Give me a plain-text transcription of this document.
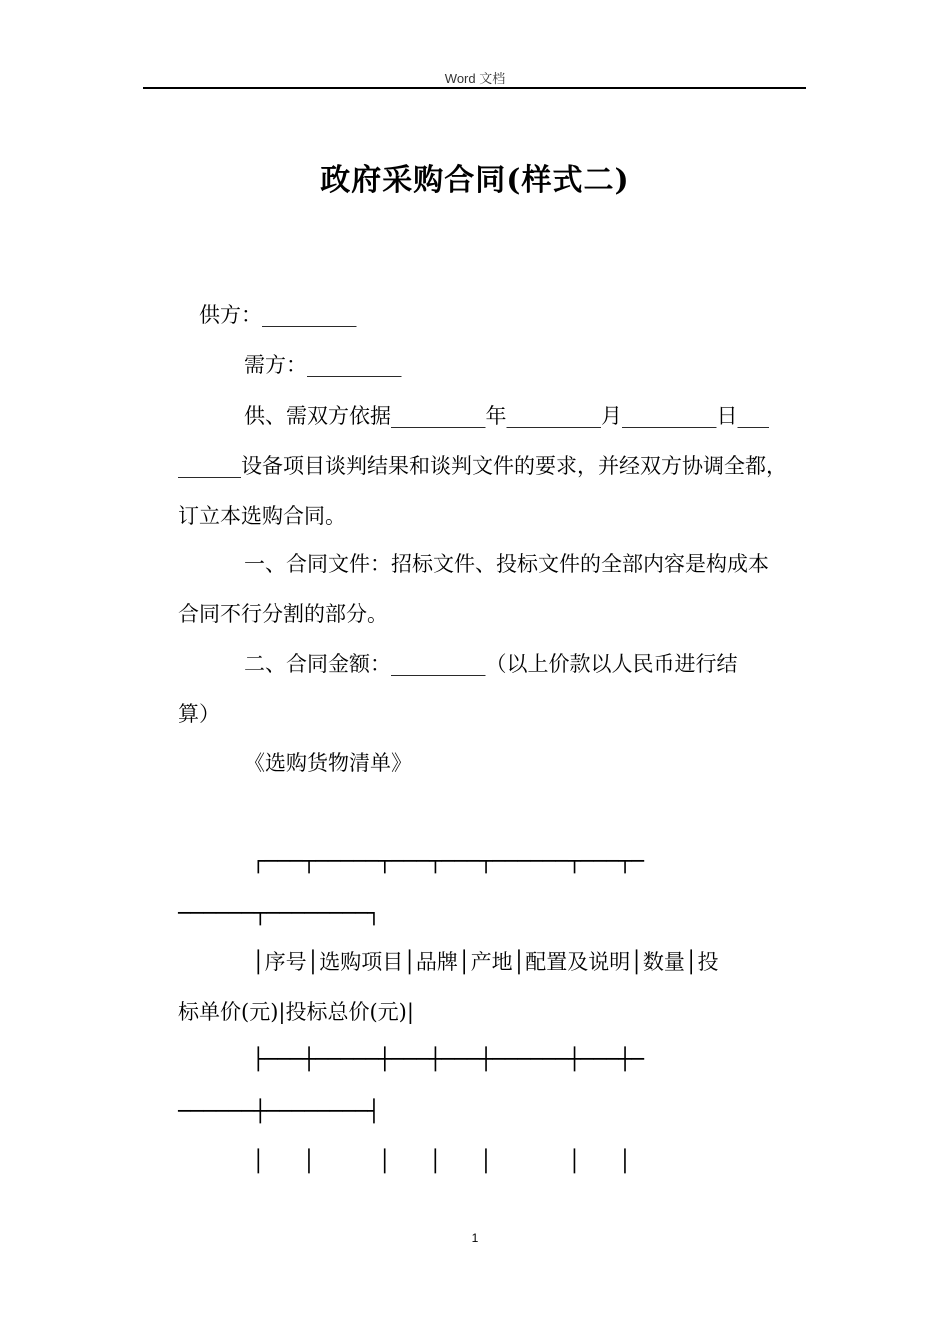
Word 文档
政府采购合同(样式二)
供方：_________
需方：_________
供、需双方依据_________年_________月_________日___
______设备项目谈判结果和谈判文件的要求，并经双方协调全都，
订立本选购合同。
一、合同文件：招标文件、投标文件的全部内容是构成本
合同不行分割的部分。
二、合同金额：_________（以上价款以人民币进行结
算）
《选购货物清单》
┌───┬─────┬───┬───┬──────┬───┬─
──────┬────────┐
│序号│选购项目│品牌│产地│配置及说明│数量│投
标单价(元)|投标总价(元)|
├───┼─────┼───┼───┼──────┼───┼─
──────┼────────┤
│   │     │   │   │      │   │
1
